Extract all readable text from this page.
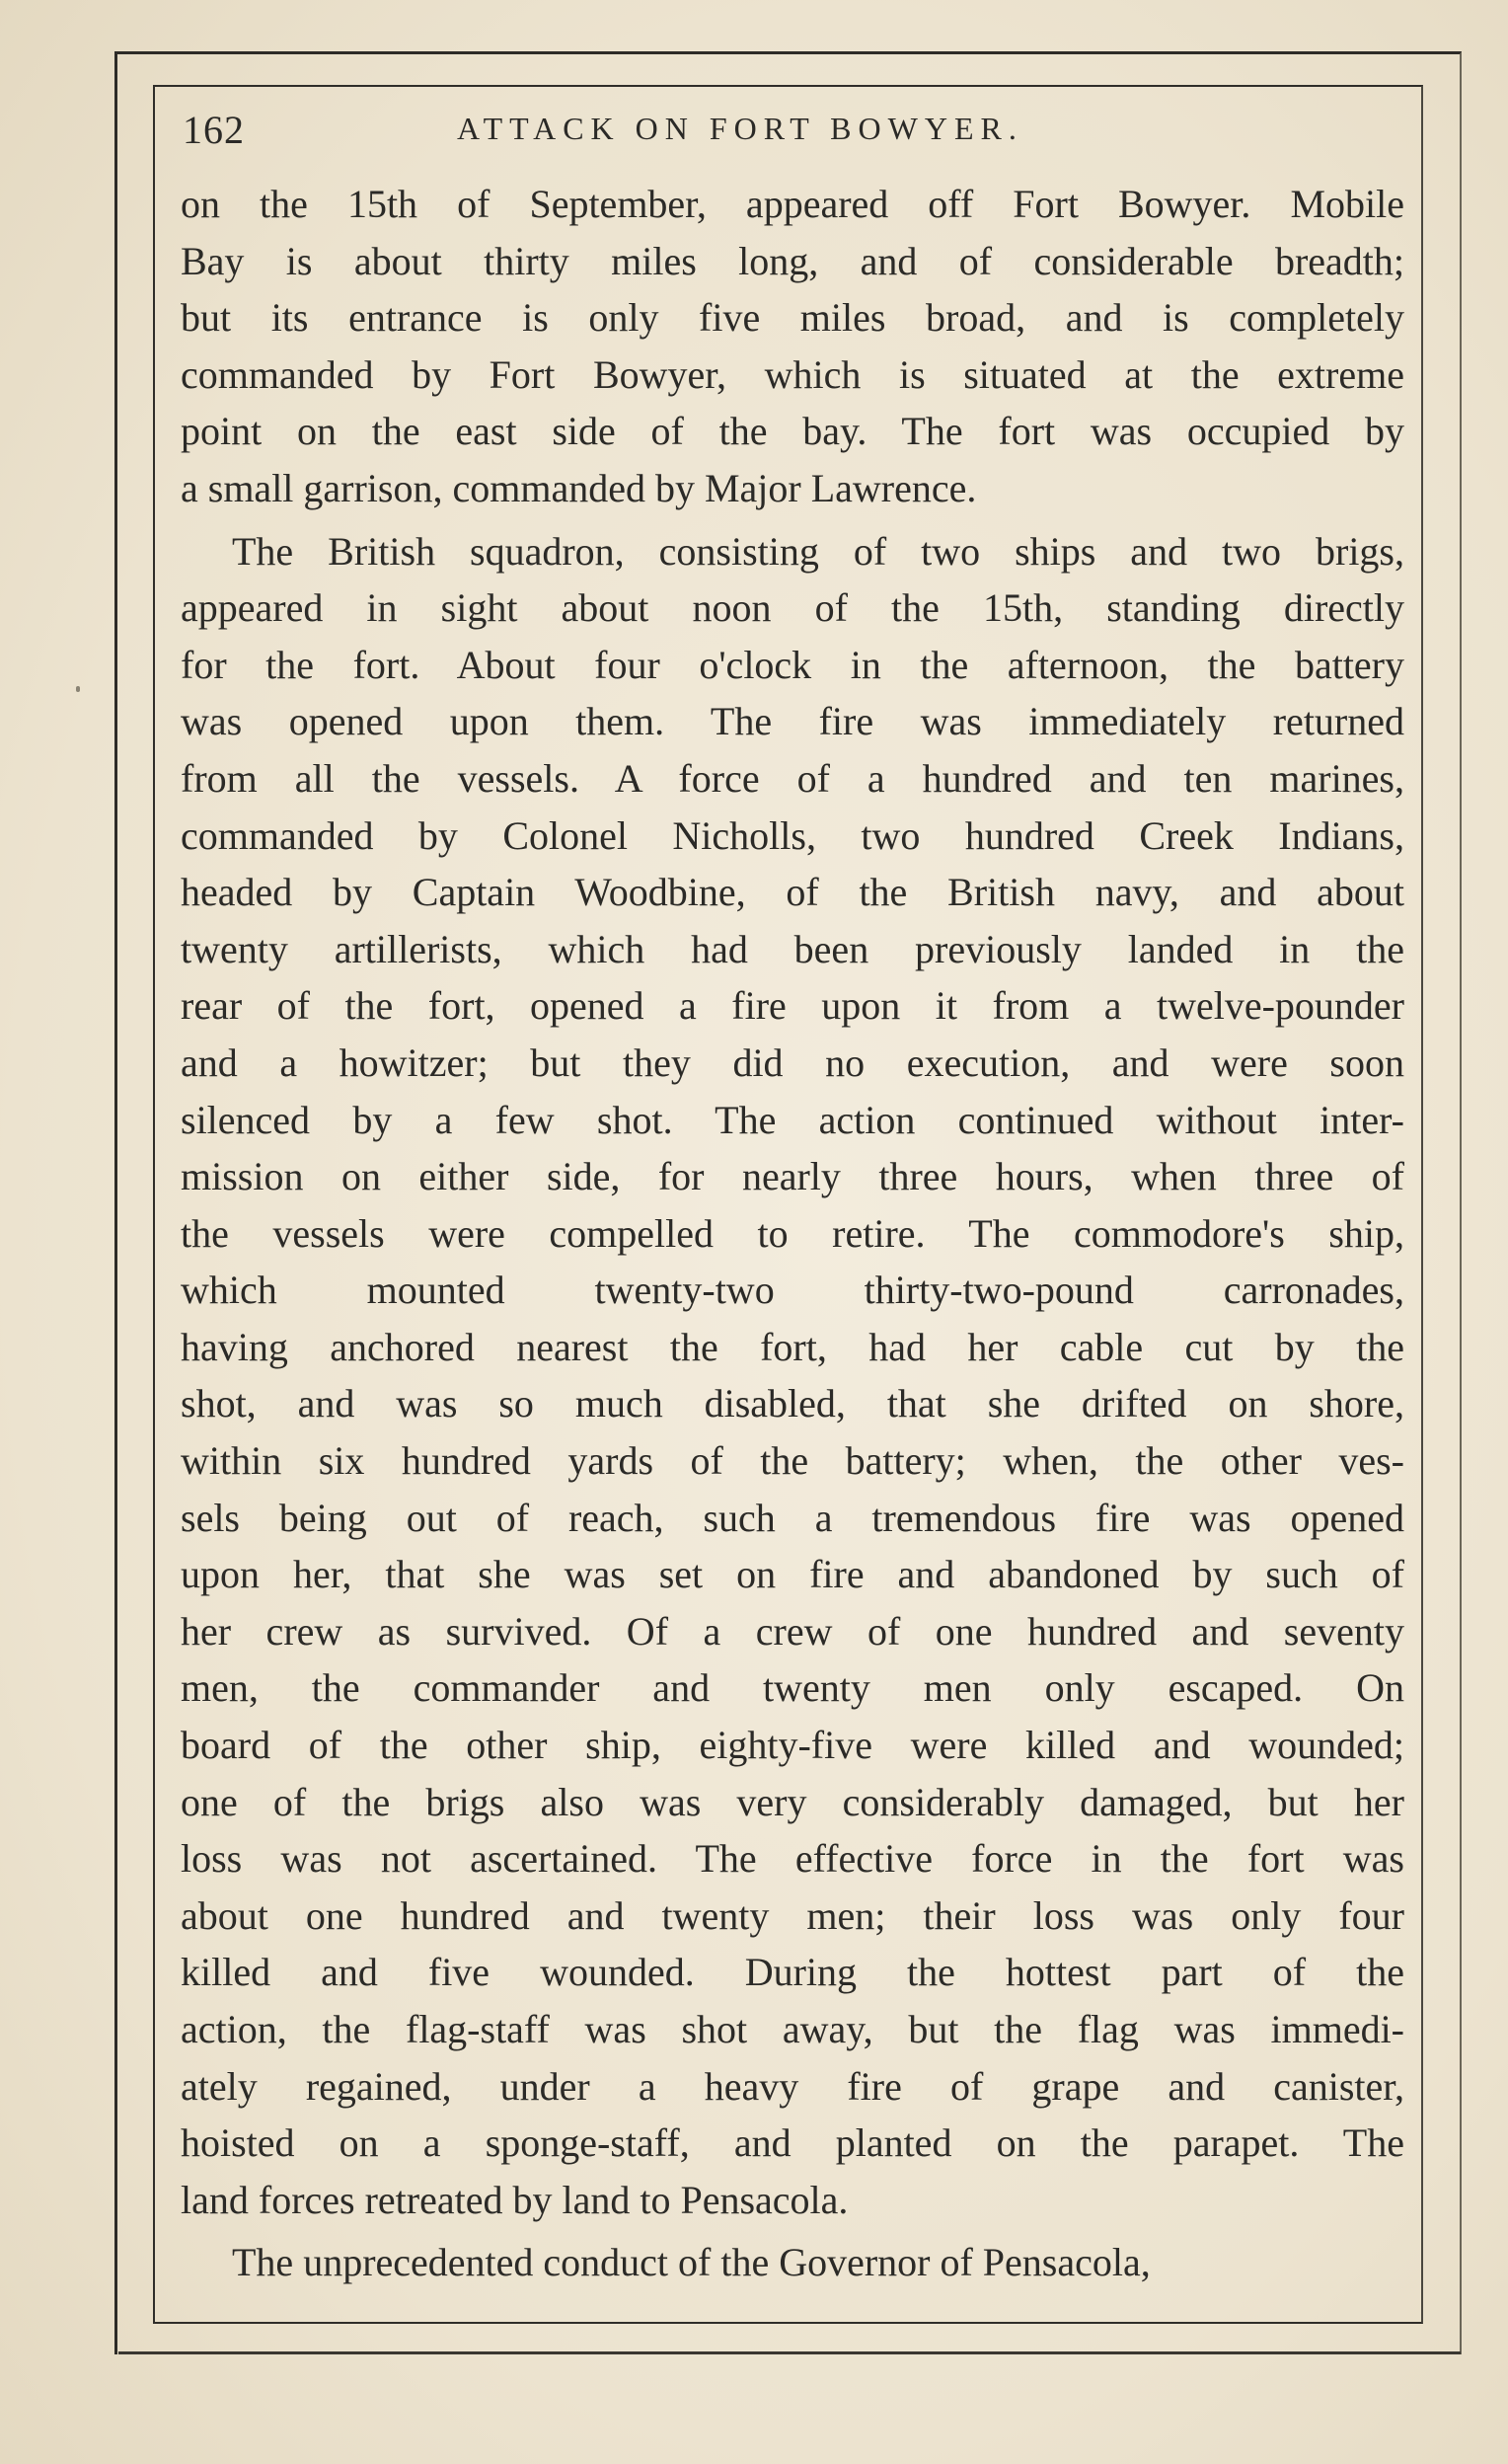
162	ATTACK ON FORT BOWYER.
on the 15th of September, appeared off Fort Bowyer. Mobile
Bay is about thirty miles long, and of considerable breadth;
but its entrance is only five miles broad, and is completely
commanded by Fort Bowyer, which is situated at the extreme
point on the east side of the bay. The fort was occupied by
a small garrison, commanded by Major Lawrence.
The British squadron, consisting of two ships and two brigs,
appeared in sight about noon of the 15th, standing directly
for the fort. About four o'clock in the afternoon, the battery
was opened upon them. The fire was immediately returned
from all the vessels. A force of a hundred and ten marines,
commanded by Colonel Nicholls, two hundred Creek Indians,
headed by Captain Woodbine, of the British navy, and about
twenty artillerists, which had been previously landed in the
rear of the fort, opened a fire upon it from a twelve-pounder
and a howitzer; but they did no execution, and were soon
silenced by a few shot. The action continued without inter-
mission on either side, for nearly three hours, when three of
the vessels were compelled to retire. The commodore's ship,
which mounted twenty-two thirty-two-pound carronades,
having anchored nearest the fort, had her cable cut by the
shot, and was so much disabled, that she drifted on shore,
within six hundred yards of the battery; when, the other ves-
sels being out of reach, such a tremendous fire was opened
upon her, that she was set on fire and abandoned by such of
her crew as survived. Of a crew of one hundred and seventy
men, the commander and twenty men only escaped. On
board of the other ship, eighty-five were killed and wounded;
one of the brigs also was very considerably damaged, but her
loss was not ascertained. The effective force in the fort was
about one hundred and twenty men; their loss was only four
killed and five wounded. During the hottest part of the
action, the flag-staff was shot away, but the flag was immedi-
ately regained, under a heavy fire of grape and canister,
hoisted on a sponge-staff, and planted on the parapet. The
land forces retreated by land to Pensacola.
The unprecedented conduct of the Governor of Pensacola,
